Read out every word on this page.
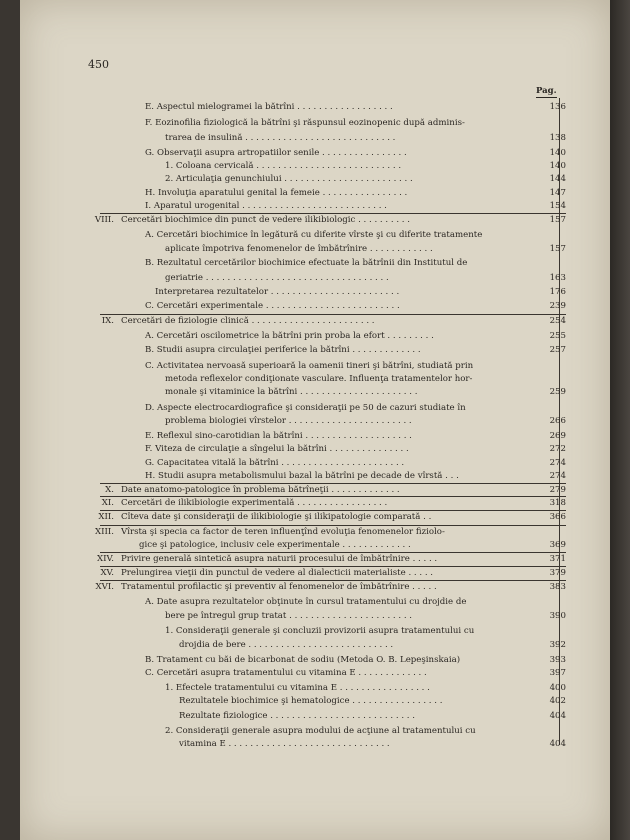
450
Pag.
E. Aspectul mielogramei la bătrîni . . . . . . . . . . . . . . . . . .	136
F. Eozinofilia fiziologică la bătrîni şi răspunsul eozinopenic după adminis-
trarea de insulină . . . . . . . . . . . . . . . . . . . . . . . . . . . .	138
G. Observaţii asupra artropatiilor senile . . . . . . . . . . . . . . . .	140
1. Coloana cervicală . . . . . . . . . . . . . . . . . . . . . . . . . . .	140
2. Articulaţia genunchiului . . . . . . . . . . . . . . . . . . . . . . . .	144
H. Involuţia aparatului genital la femeie . . . . . . . . . . . . . . . .	147
I. Aparatul urogenital . . . . . . . . . . . . . . . . . . . . . . . . . . .	154
VIII. Cercetări biochimice din punct de vedere ilikibiologic . . . . . . . . . .	157
A. Cercetări biochimice în legătură cu diferite vîrste şi cu diferite tratamente
aplicate împotriva fenomenelor de îmbătrînire . . . . . . . . . . . .	157
B. Rezultatul cercetărilor biochimice efectuate la bătrînii din Institutul de
geriatrie . . . . . . . . . . . . . . . . . . . . . . . . . . . . . . . . . .	163
Interpretarea rezultatelor . . . . . . . . . . . . . . . . . . . . . . . .	176
C. Cercetări experimentale . . . . . . . . . . . . . . . . . . . . . . . . .	239
IX. Cercetări de fiziologie clinică . . . . . . . . . . . . . . . . . . . . . . .	254
A. Cercetări oscilometrice la bătrîni prin proba la efort . . . . . . . . .	255
B. Studii asupra circulaţiei periferice la bătrîni . . . . . . . . . . . . .	257
C. Activitatea nervoasă superioară la oamenii tineri şi bătrîni, studiată prin
metoda reflexelor condiţionate vasculare. Influenţa tratamentelor hor-
monale şi vitaminice la bătrîni . . . . . . . . . . . . . . . . . . . . . .	259
D. Aspecte electrocardiografice şi consideraţii pe 50 de cazuri studiate în
problema biologiei vîrstelor . . . . . . . . . . . . . . . . . . . . . . .	266
E. Reflexul sino-carotidian la bătrîni . . . . . . . . . . . . . . . . . . . .	269
F. Viteza de circulaţie a sîngelui la bătrîni . . . . . . . . . . . . . . .	272
G. Capacitatea vitală la bătrîni . . . . . . . . . . . . . . . . . . . . . . .	274
H. Studii asupra metabolismului bazal la bătrîni pe decade de vîrstă . . .	274
X. Date anatomo-patologice în problema bătrîneţii . . . . . . . . . . . . .	279
XI. Cercetări de ilikibiologie experimentală . . . . . . . . . . . . . . . . .	318
XII. Cîteva date şi consideraţii de ilikibiologie şi ilikipatologie comparată . .	366
XIII. Vîrsta şi specia ca factor de teren influenţînd evoluţia fenomenelor fiziolo-
gice şi patologice, inclusiv cele experimentale . . . . . . . . . . . . .	369
XIV. Privire generală sintetică asupra naturii procesului de îmbătrînire . . . . .	371
XV. Prelungirea vieţii din punctul de vedere al dialecticii materialiste . . . . .	379
XVI. Tratamentul profilactic şi preventiv al fenomenelor de îmbătrînire . . . . .	383
A. Date asupra rezultatelor obţinute în cursul tratamentului cu drojdie de
bere pe întregul grup tratat . . . . . . . . . . . . . . . . . . . . . . .	390
1. Consideraţii generale şi concluzii provizorii asupra tratamentului cu
drojdia de bere . . . . . . . . . . . . . . . . . . . . . . . . . . .	392
B. Tratament cu băi de bicarbonat de sodiu (Metoda O. B. Lepeşinskaia)	393
C. Cercetări asupra tratamentului cu vitamina E . . . . . . . . . . . . .	397
1. Efectele tratamentului cu vitamina E . . . . . . . . . . . . . . . . .	400
Rezultatele biochimice şi hematologice . . . . . . . . . . . . . . . . .	402
Rezultate fiziologice . . . . . . . . . . . . . . . . . . . . . . . . . . .	404
2. Consideraţii generale asupra modului de acţiune al tratamentului cu
vitamina E . . . . . . . . . . . . . . . . . . . . . . . . . . . . . .	404
